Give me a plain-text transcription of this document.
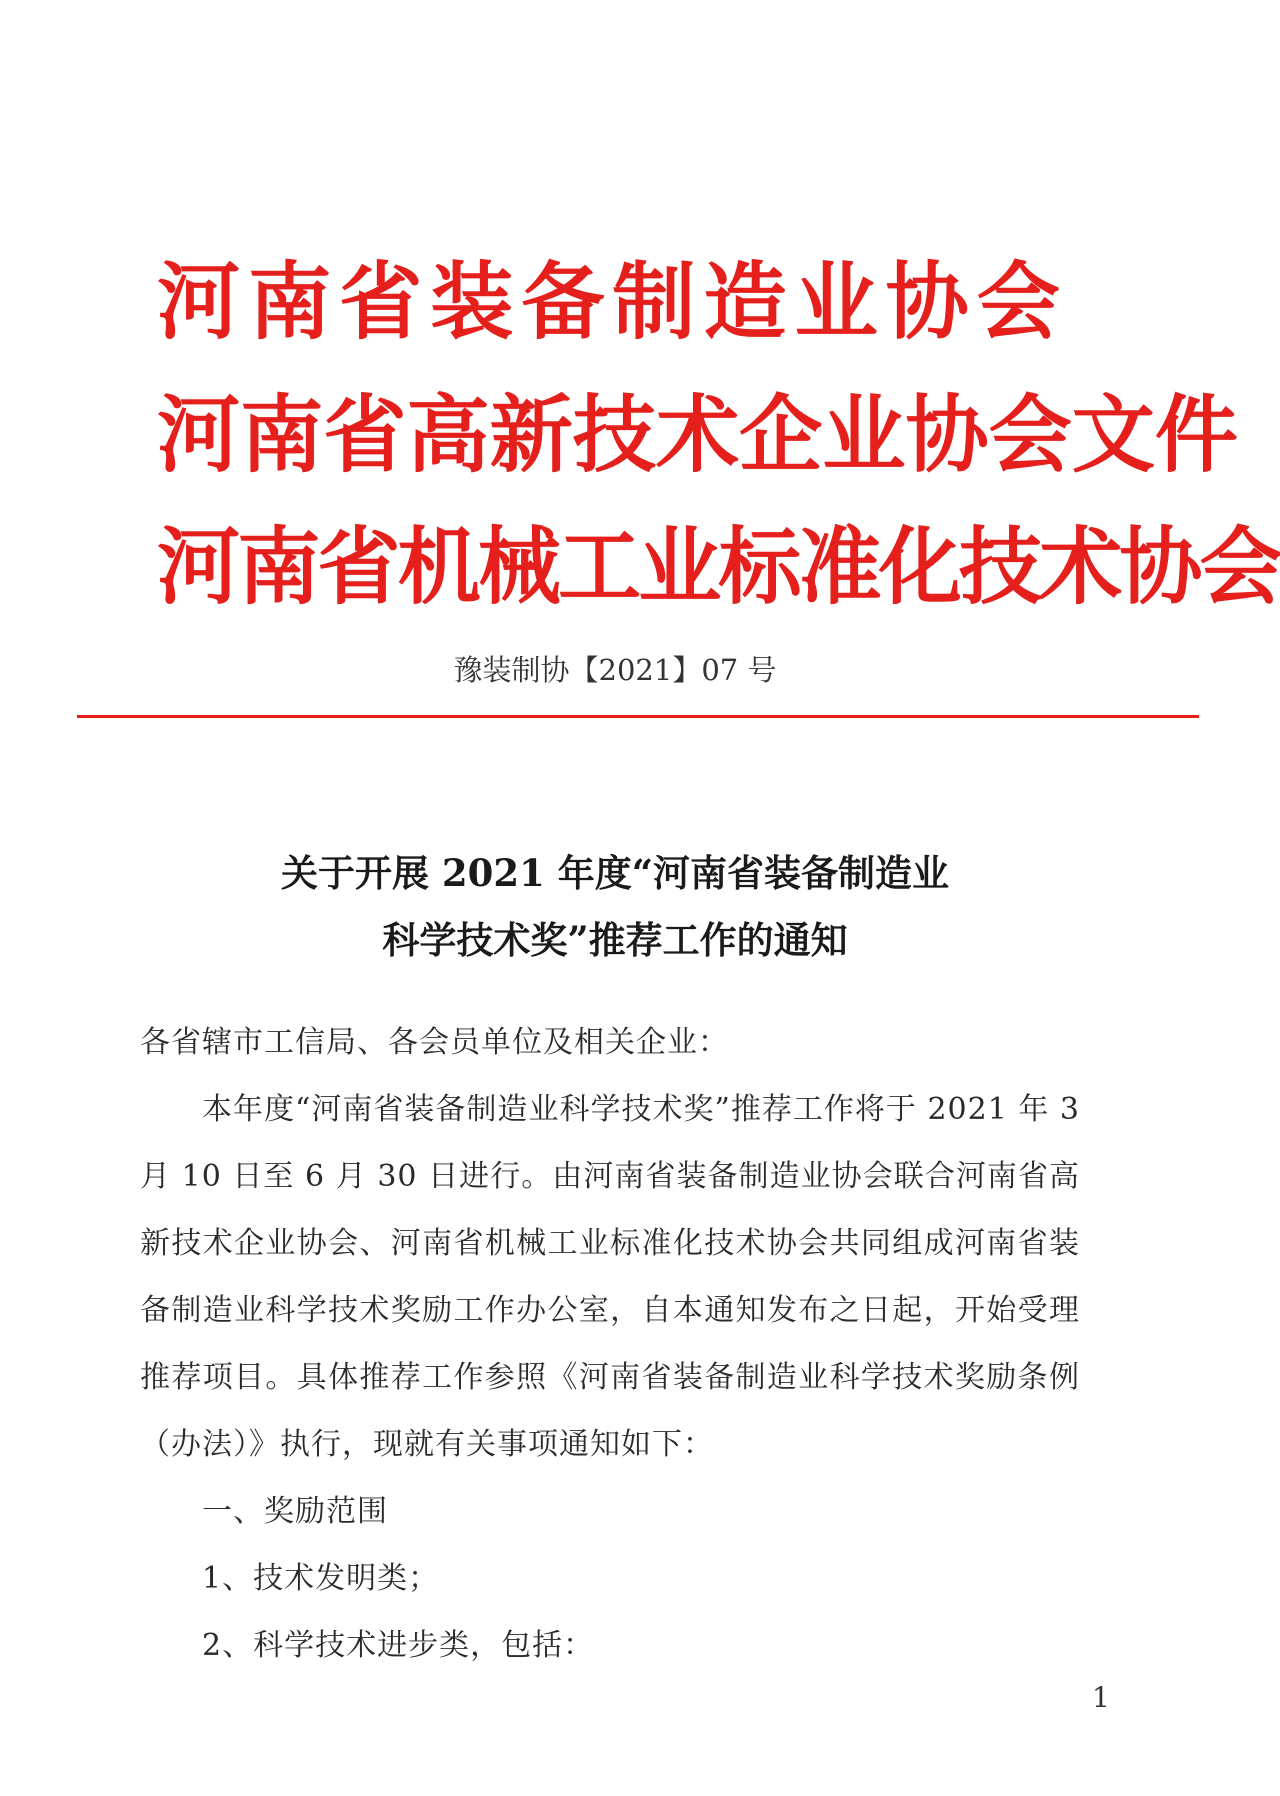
河南省装备制造业协会
河南省高新技术企业协会文件
河南省机械工业标准化技术协会
豫装制协【2021】07 号
关于开展 2021 年度“河南省装备制造业
科学技术奖”推荐工作的通知

各省辖市工信局、各会员单位及相关企业：

本年度“河南省装备制造业科学技术奖”推荐工作将于 2021 年 3 月 10 日至 6 月 30 日进行。由河南省装备制造业协会联合河南省高新技术企业协会、河南省机械工业标准化技术协会共同组成河南省装备制造业科学技术奖励工作办公室，自本通知发布之日起，开始受理推荐项目。具体推荐工作参照《河南省装备制造业科学技术奖励条例（办法）》执行，现就有关事项通知如下：

一、奖励范围

1、技术发明类；

2、科学技术进步类，包括：

1
